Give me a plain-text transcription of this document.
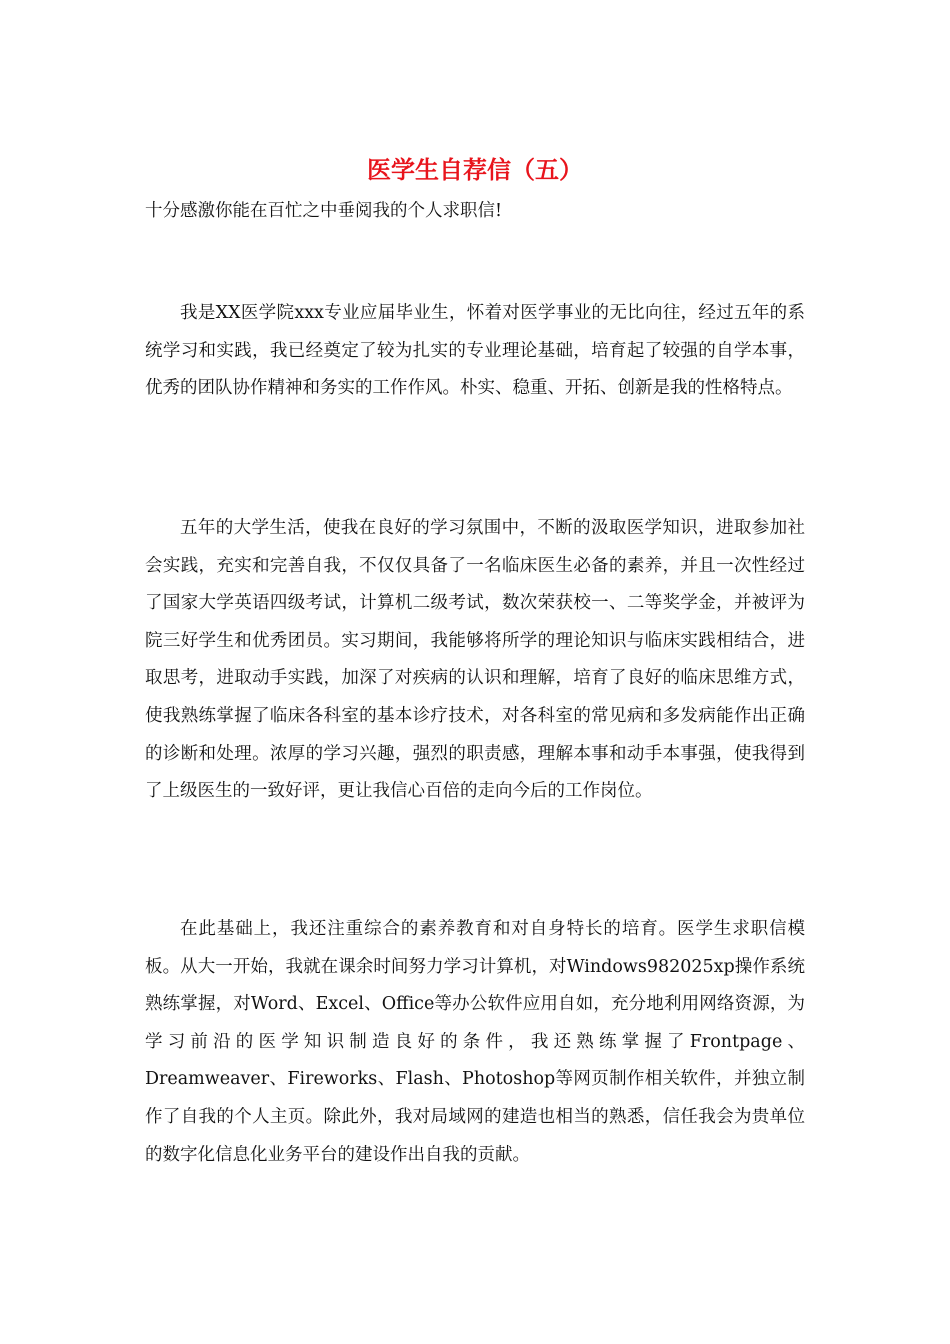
医学生自荐信（五）
十分感激你能在百忙之中垂阅我的个人求职信!

我是XX医学院xxx专业应届毕业生，怀着对医学事业的无比向往，经过五年的系统学习和实践，我已经奠定了较为扎实的专业理论基础，培育起了较强的自学本事，优秀的团队协作精神和务实的工作作风。朴实、稳重、开拓、创新是我的性格特点。

五年的大学生活，使我在良好的学习氛围中，不断的汲取医学知识，进取参加社会实践，充实和完善自我，不仅仅具备了一名临床医生必备的素养，并且一次性经过了国家大学英语四级考试，计算机二级考试，数次荣获校一、二等奖学金，并被评为院三好学生和优秀团员。实习期间，我能够将所学的理论知识与临床实践相结合，进取思考，进取动手实践，加深了对疾病的认识和理解，培育了良好的临床思维方式，使我熟练掌握了临床各科室的基本诊疗技术，对各科室的常见病和多发病能作出正确的诊断和处理。浓厚的学习兴趣，强烈的职责感，理解本事和动手本事强，使我得到了上级医生的一致好评，更让我信心百倍的走向今后的工作岗位。

在此基础上，我还注重综合的素养教育和对自身特长的培育。医学生求职信模板。从大一开始，我就在课余时间努力学习计算机，对Windows982025xp操作系统熟练掌握，对Word、Excel、Office等办公软件应用自如，充分地利用网络资源，为学习前沿的医学知识制造良好的条件，我还熟练掌握了Frontpage、Dreamweaver、Fireworks、Flash、Photoshop等网页制作相关软件，并独立制作了自我的个人主页。除此外，我对局域网的建造也相当的熟悉，信任我会为贵单位的数字化信息化业务平台的建设作出自我的贡献。
